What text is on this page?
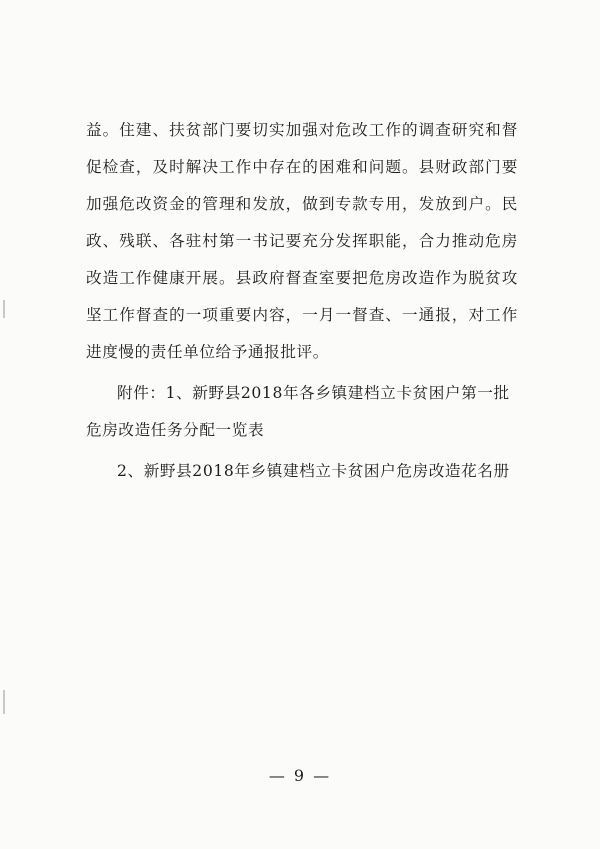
益。住建、扶贫部门要切实加强对危改工作的调查研究和督
促检查，及时解决工作中存在的困难和问题。县财政部门要
加强危改资金的管理和发放，做到专款专用，发放到户。民
政、残联、各驻村第一书记要充分发挥职能，合力推动危房
改造工作健康开展。县政府督查室要把危房改造作为脱贫攻
坚工作督查的一项重要内容，一月一督查、一通报，对工作
进度慢的责任单位给予通报批评。
附件：1、新野县2018年各乡镇建档立卡贫困户第一批
危房改造任务分配一览表
2、新野县2018年乡镇建档立卡贫困户危房改造花名册
— 9 —
